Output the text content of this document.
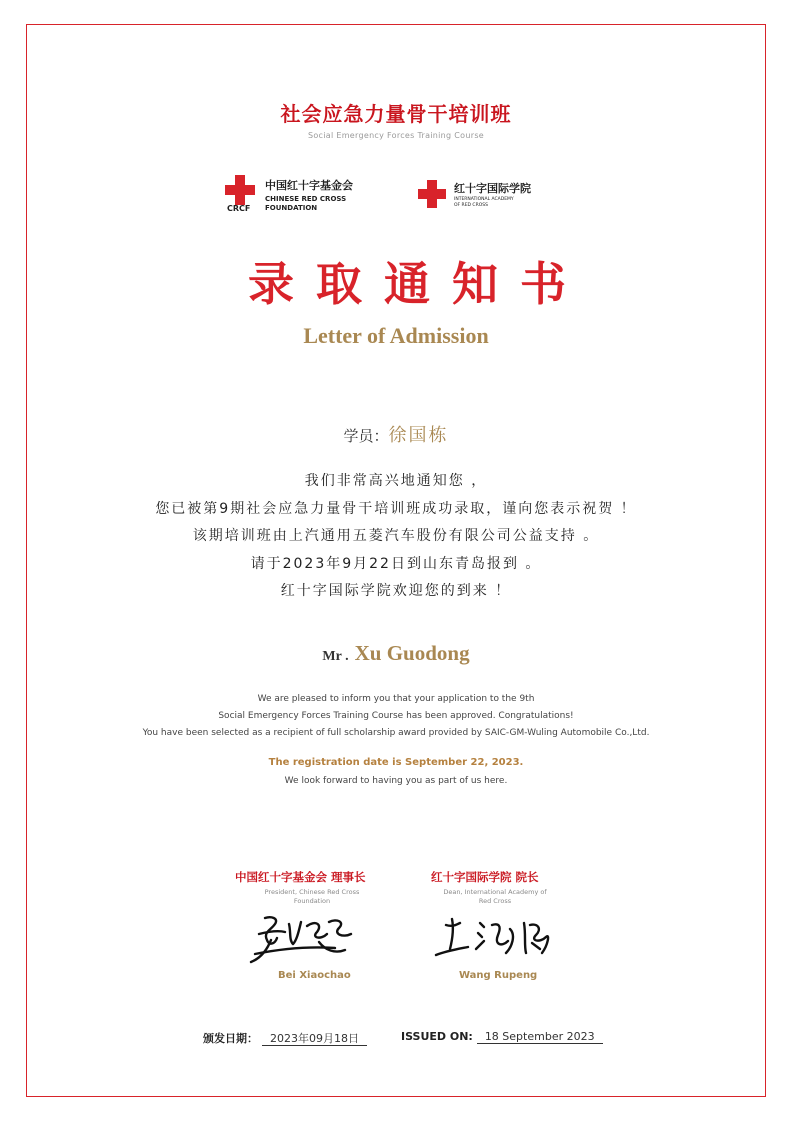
社会应急力量骨干培训班
Social Emergency Forces Training Course
中国红十字基金会
CHINESE RED CROSS
FOUNDATION
CRCF
红十字国际学院
INTERNATIONAL ACADEMY
OF RED CROSS
录取通知书
Letter of Admission
学员：徐国栋
我们非常高兴地通知您 ，
您已被第9期社会应急力量骨干培训班成功录取，谨向您表示祝贺 ！
该期培训班由上汽通用五菱汽车股份有限公司公益支持 。
请于2023年9月22日到山东青岛报到 。
红十字国际学院欢迎您的到来 ！
Mr . Xu Guodong
We are pleased to inform you that your application to the 9th
Social Emergency Forces Training Course has been approved. Congratulations!
You have been selected as a recipient of full scholarship award provided by SAIC-GM-Wuling Automobile Co.,Ltd.
The registration date is September 22, 2023.
We look forward to having you as part of us here.
中国红十字基金会 理事长
President, Chinese Red Cross
Foundation
Bei Xiaochao
红十字国际学院 院长
Dean, International Academy of
Red Cross
Wang Rupeng
颁发日期： 2023年09月18日	ISSUED ON: 18 September 2023
